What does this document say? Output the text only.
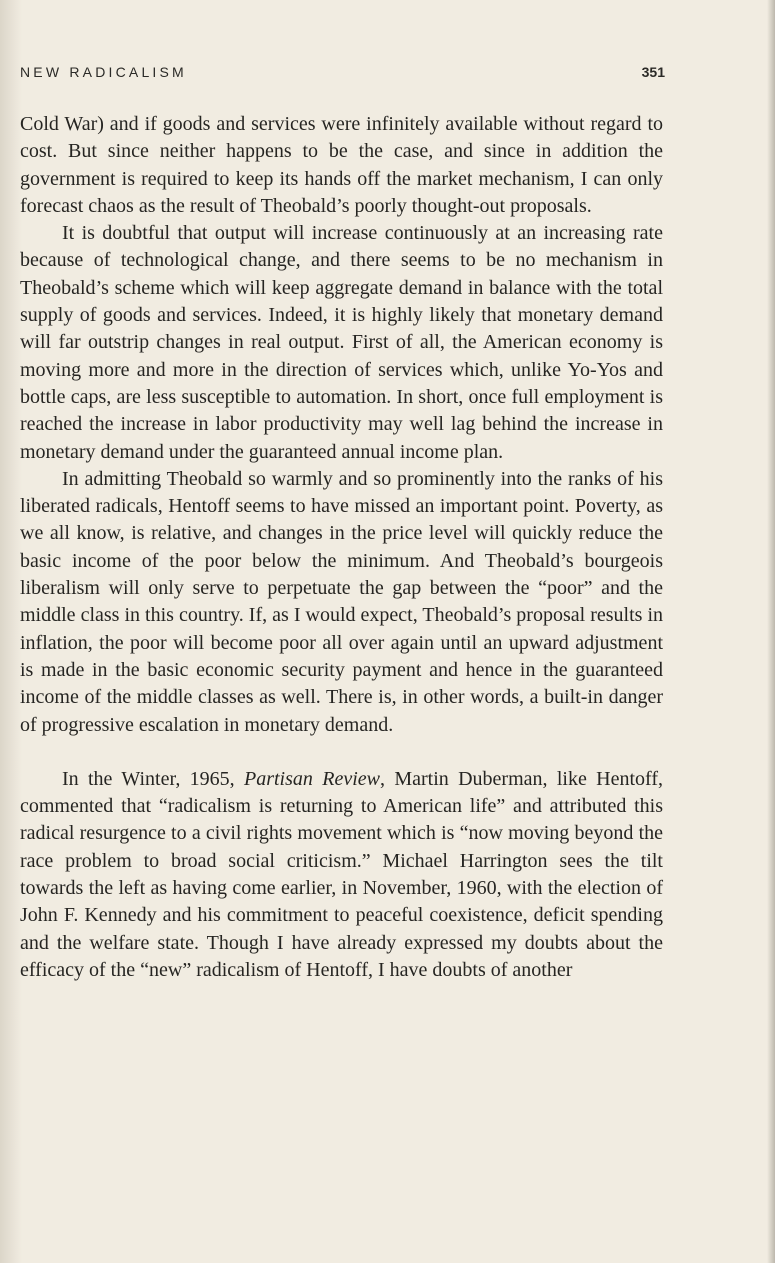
NEW RADICALISM	351

Cold War) and if goods and services were infinitely available without regard to cost. But since neither happens to be the case, and since in addition the government is required to keep its hands off the market mechanism, I can only forecast chaos as the result of Theobald’s poorly thought-out proposals.

It is doubtful that output will increase continuously at an increasing rate because of technological change, and there seems to be no mechanism in Theobald’s scheme which will keep aggregate demand in balance with the total supply of goods and services. Indeed, it is highly likely that monetary demand will far outstrip changes in real output. First of all, the American economy is moving more and more in the direction of services which, unlike Yo-Yos and bottle caps, are less susceptible to automation. In short, once full employment is reached the increase in labor productivity may well lag behind the increase in monetary demand under the guaranteed annual income plan.

In admitting Theobald so warmly and so prominently into the ranks of his liberated radicals, Hentoff seems to have missed an important point. Poverty, as we all know, is relative, and changes in the price level will quickly reduce the basic income of the poor below the minimum. And Theobald’s bourgeois liberalism will only serve to perpetuate the gap between the “poor” and the middle class in this country. If, as I would expect, Theobald’s proposal results in inflation, the poor will become poor all over again until an upward adjustment is made in the basic economic security payment and hence in the guaranteed income of the middle classes as well. There is, in other words, a built-in danger of progressive escalation in monetary demand.

In the Winter, 1965, Partisan Review, Martin Duberman, like Hentoff, commented that “radicalism is returning to American life” and attributed this radical resurgence to a civil rights movement which is “now moving beyond the race problem to broad social criticism.” Michael Harrington sees the tilt towards the left as having come earlier, in November, 1960, with the election of John F. Kennedy and his commitment to peaceful coexistence, deficit spending and the welfare state. Though I have already expressed my doubts about the efficacy of the “new” radicalism of Hentoff, I have doubts of another
